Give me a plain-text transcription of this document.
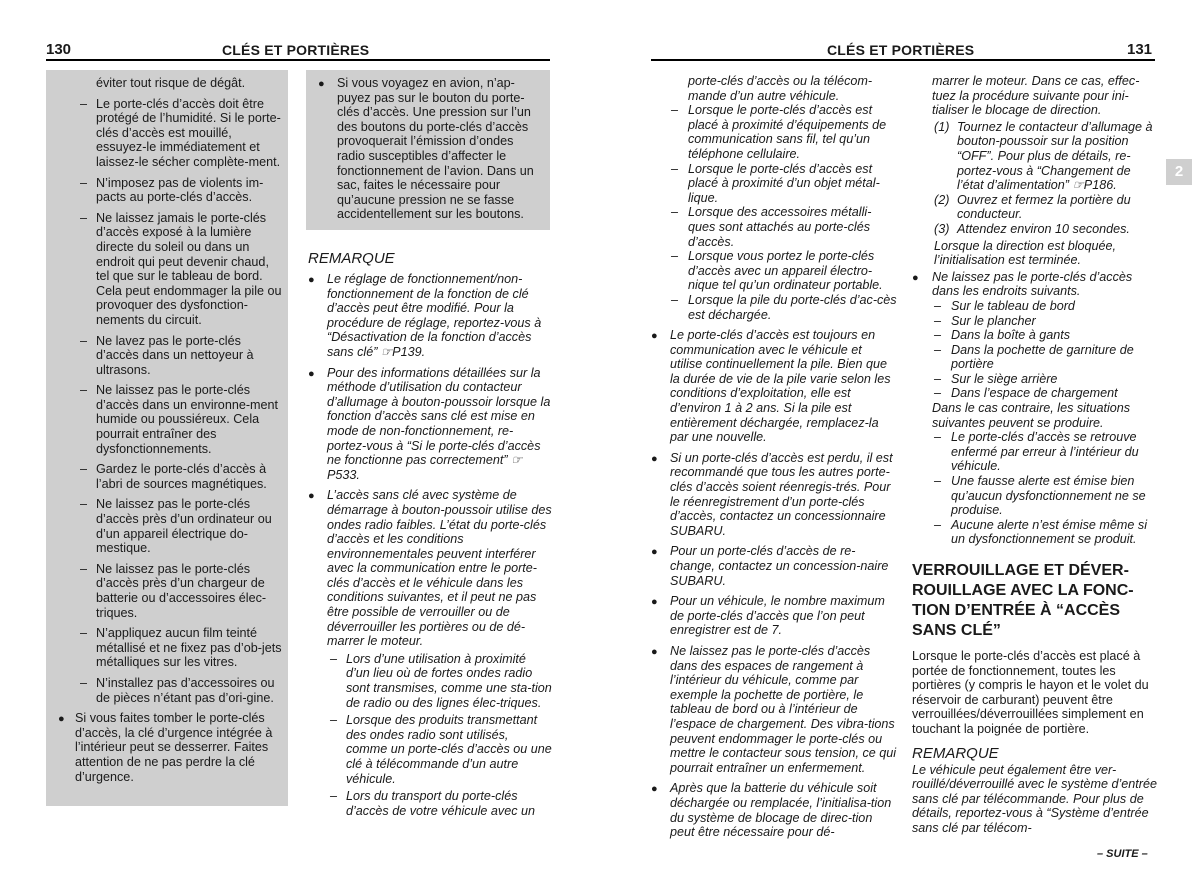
130	CLÉS ET PORTIÈRES	CLÉS ET PORTIÈRES	131
2
éviter tout risque de dégât.
– Le porte-clés d’accès doit être protégé de l’humidité. Si le porte-clés d’accès est mouillé, essuyez-le immédiatement et laissez-le sécher complète-ment.
– N’imposez pas de violents im-pacts au porte-clés d’accès.
– Ne laissez jamais le porte-clés d’accès exposé à la lumière directe du soleil ou dans un endroit qui peut devenir chaud, tel que sur le tableau de bord. Cela peut endommager la pile ou provoquer des dysfonction-nements du circuit.
– Ne lavez pas le porte-clés d’accès dans un nettoyeur à ultrasons.
– Ne laissez pas le porte-clés d’accès dans un environne-ment humide ou poussiéreux. Cela pourrait entraîner des dysfonctionnements.
– Gardez le porte-clés d’accès à l’abri de sources magnétiques.
– Ne laissez pas le porte-clés d’accès près d’un ordinateur ou d’un appareil électrique do-mestique.
– Ne laissez pas le porte-clés d’accès près d’un chargeur de batterie ou d’accessoires élec-triques.
– N’appliquez aucun film teinté métallisé et ne fixez pas d’ob-jets métalliques sur les vitres.
– N’installez pas d’accessoires ou de pièces n’étant pas d’ori-gine.
● Si vous faites tomber le porte-clés d’accès, la clé d’urgence intégrée à l’intérieur peut se desserrer. Faites attention de ne pas perdre la clé d’urgence.
● Si vous voyagez en avion, n’ap-puyez pas sur le bouton du porte-clés d’accès. Une pression sur l’un des boutons du porte-clés d’accès provoquerait l’émission d’ondes radio susceptibles d’affecter le fonctionnement de l’avion. Dans un sac, faites le nécessaire pour qu’aucune pression ne se fasse accidentellement sur les boutons.
REMARQUE
● Le réglage de fonctionnement/non-fonctionnement de la fonction de clé d’accès peut être modifié. Pour la procédure de réglage, reportez-vous à “Désactivation de la fonction d’accès sans clé” ☞P139.
● Pour des informations détaillées sur la méthode d’utilisation du contacteur d’allumage à bouton-poussoir lorsque la fonction d’accès sans clé est mise en mode de non-fonctionnement, re-portez-vous à “Si le porte-clés d’accès ne fonctionne pas correctement” ☞P533.
● L’accès sans clé avec système de démarrage à bouton-poussoir utilise des ondes radio faibles. L’état du porte-clés d’accès et les conditions environnementales peuvent interférer avec la communication entre le porte-clés d’accès et le véhicule dans les conditions suivantes, et il peut ne pas être possible de verrouiller ou de déverrouiller les portières ou de dé-marrer le moteur.
– Lors d’une utilisation à proximité d’un lieu où de fortes ondes radio sont transmises, comme une sta-tion de radio ou des lignes élec-triques.
– Lorsque des produits transmettant des ondes radio sont utilisés, comme un porte-clés d’accès ou une clé à télécommande d’un autre véhicule.
– Lors du transport du porte-clés d’accès de votre véhicule avec un
porte-clés d’accès ou la télécom-mande d’un autre véhicule.
– Lorsque le porte-clés d’accès est placé à proximité d’équipements de communication sans fil, tel qu’un téléphone cellulaire.
– Lorsque le porte-clés d’accès est placé à proximité d’un objet métal-lique.
– Lorsque des accessoires métalli-ques sont attachés au porte-clés d’accès.
– Lorsque vous portez le porte-clés d’accès avec un appareil électro-nique tel qu’un ordinateur portable.
– Lorsque la pile du porte-clés d’ac-cès est déchargée.
● Le porte-clés d’accès est toujours en communication avec le véhicule et utilise continuellement la pile. Bien que la durée de vie de la pile varie selon les conditions d’exploitation, elle est d’environ 1 à 2 ans. Si la pile est entièrement déchargée, remplacez-la par une nouvelle.
● Si un porte-clés d’accès est perdu, il est recommandé que tous les autres porte-clés d’accès soient réenregis-trés. Pour le réenregistrement d’un porte-clés d’accès, contactez un concessionnaire SUBARU.
● Pour un porte-clés d’accès de re-change, contactez un concession-naire SUBARU.
● Pour un véhicule, le nombre maximum de porte-clés d’accès que l’on peut enregistrer est de 7.
● Ne laissez pas le porte-clés d’accès dans des espaces de rangement à l’intérieur du véhicule, comme par exemple la pochette de portière, le tableau de bord ou à l’intérieur de l’espace de chargement. Des vibra-tions peuvent endommager le porte-clés ou mettre le contacteur sous tension, ce qui pourrait entraîner un enfermement.
● Après que la batterie du véhicule soit déchargée ou remplacée, l’initialisa-tion du système de blocage de direc-tion peut être nécessaire pour dé-
marrer le moteur. Dans ce cas, effec-tuez la procédure suivante pour ini-tialiser le blocage de direction.
(1) Tournez le contacteur d’allumage à bouton-poussoir sur la position “OFF”. Pour plus de détails, re-portez-vous à “Changement de l’état d’alimentation” ☞P186.
(2) Ouvrez et fermez la portière du conducteur.
(3) Attendez environ 10 secondes.
Lorsque la direction est bloquée, l’initialisation est terminée.
●	Ne laissez pas le porte-clés d’accès dans les endroits suivants.
– Sur le tableau de bord
– Sur le plancher
– Dans la boîte à gants
– Dans la pochette de garniture de portière
– Sur le siège arrière
– Dans l’espace de chargement
Dans le cas contraire, les situations suivantes peuvent se produire.
– Le porte-clés d’accès se retrouve enfermé par erreur à l’intérieur du véhicule.
– Une fausse alerte est émise bien qu’aucun dysfonctionnement ne se produise.
– Aucune alerte n’est émise même si un dysfonctionnement se produit.
VERROUILLAGE ET DÉVER-ROUILLAGE AVEC LA FONC-TION D’ENTRÉE À “ACCÈS SANS CLÉ”
Lorsque le porte-clés d’accès est placé à portée de fonctionnement, toutes les portières (y compris le hayon et le volet du réservoir de carburant) peuvent être verrouillées/déverrouillées simplement en touchant la poignée de portière.
REMARQUE
Le véhicule peut également être ver-rouillé/déverrouillé avec le système d’entrée sans clé par télécommande. Pour plus de détails, reportez-vous à “Système d’entrée sans clé par télécom-
– SUITE –
